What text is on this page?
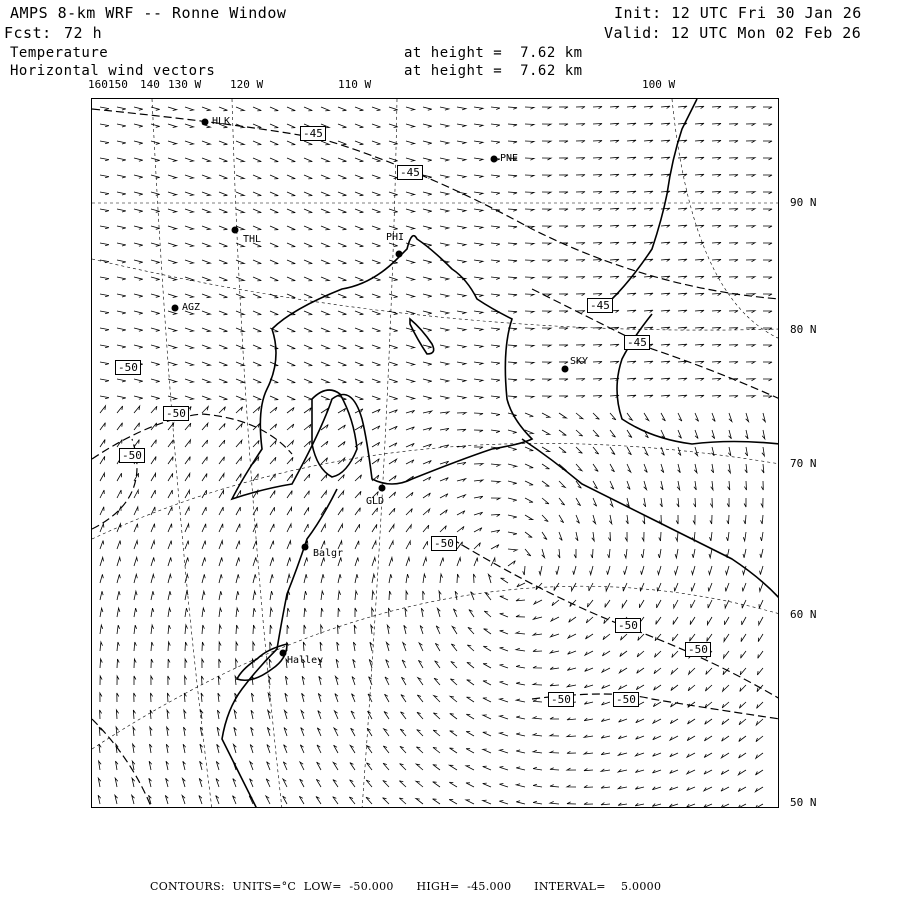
AMPS 8-km WRF -- Ronne Window	Init: 12 UTC Fri 30 Jan 26
Fcst: 72 h	Valid: 12 UTC Mon 02 Feb 26
Temperature	at height =  7.62 km
Horizontal wind vectors	at height =  7.62 km
160 150 140 130 W	120 W	110 W	100 W
90 N
80 N
70 N
60 N
50 N
HLK
PNE
THL	PHI
AGZ
SKY
GLD
Balgr
Halley
-45
-45
-45
-45
-50
-50
-50
-50
-50
-50
-50	-50
CONTOURS:  UNITS=°C  LOW=  -50.000      HIGH=  -45.000      INTERVAL=    5.0000
